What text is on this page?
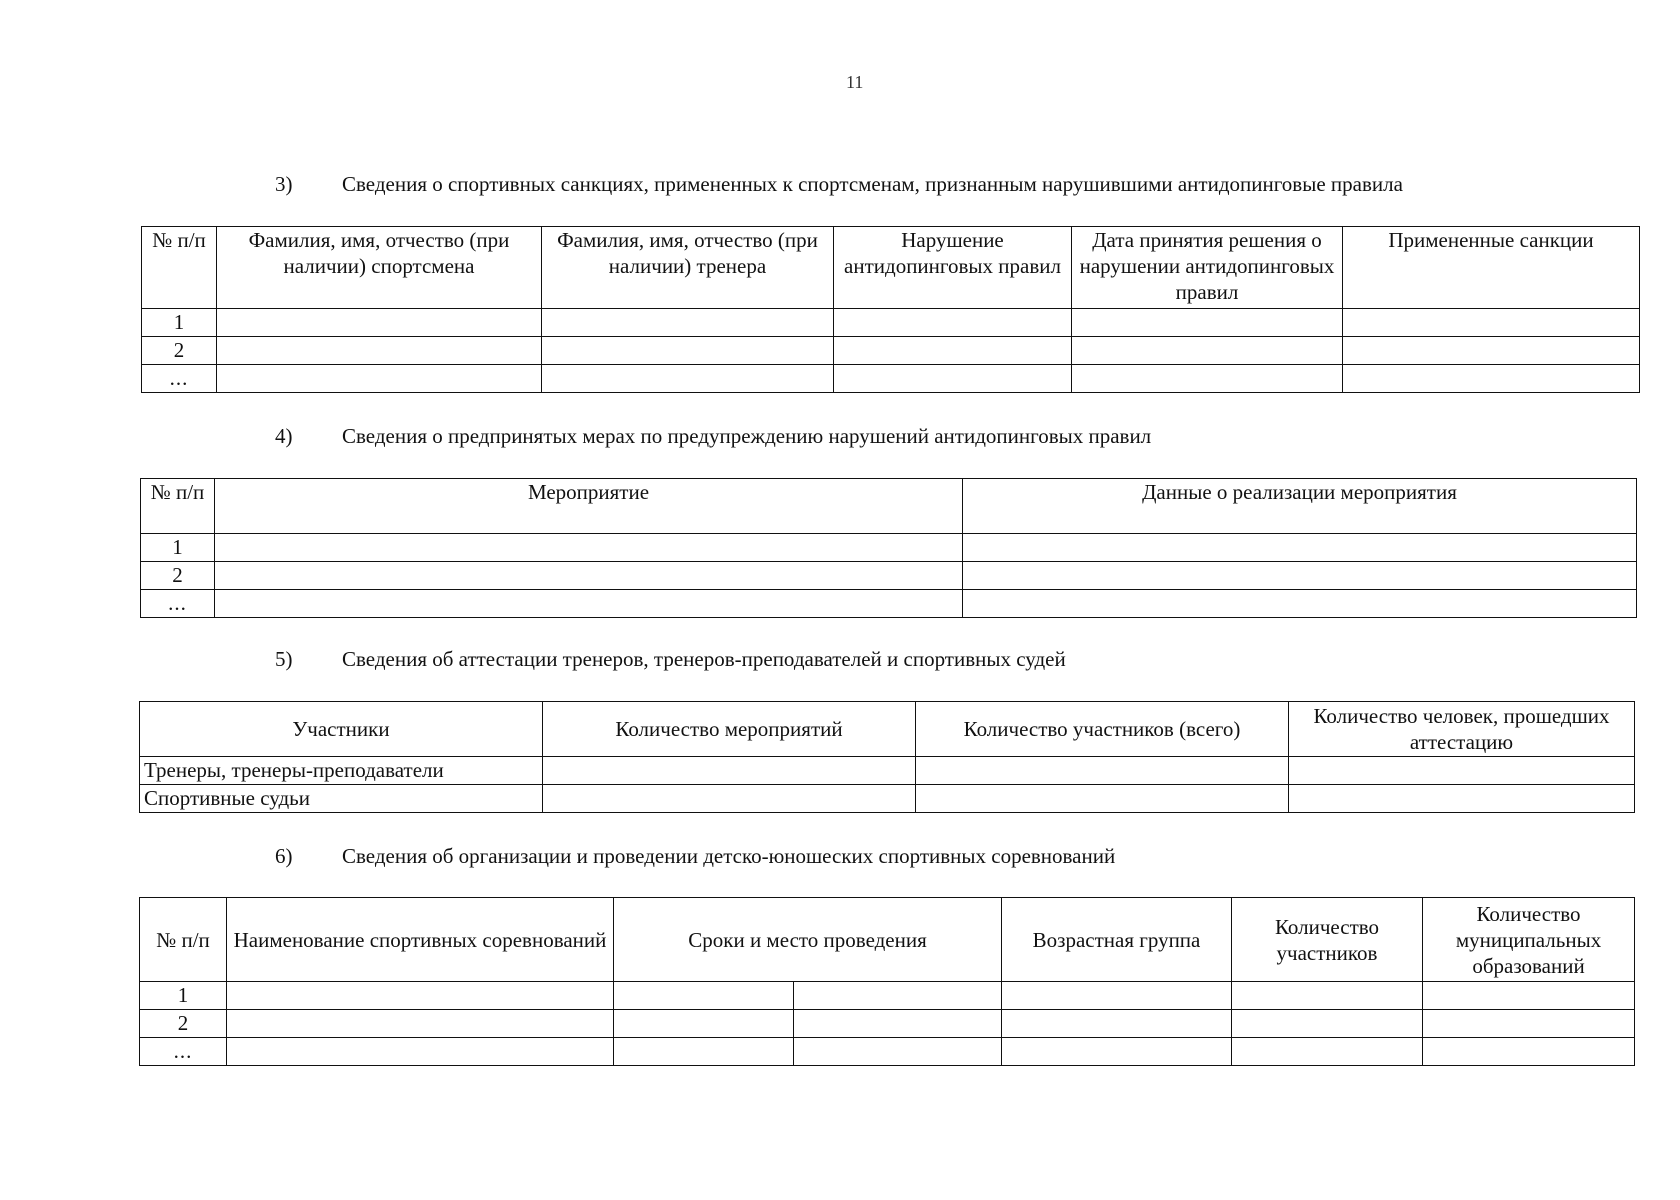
11
3) Сведения о спортивных санкциях, примененных к спортсменам, признанным нарушившими антидопинговые правила
№ п/п	Фамилия, имя, отчество (при наличии) спортсмена	Фамилия, имя, отчество (при наличии) тренера	Нарушение антидопинговых правил	Дата принятия решения о нарушении антидопинговых правил	Примененные санкции
1					
2					
...					
4) Сведения о предпринятых мерах по предупреждению нарушений антидопинговых правил
№ п/п	Мероприятие	Данные о реализации мероприятия
1		
2		
...		
5) Сведения об аттестации тренеров, тренеров-преподавателей и спортивных судей
Участники	Количество мероприятий	Количество участников (всего)	Количество человек, прошедших аттестацию
Тренеры, тренеры-преподаватели			
Спортивные судьи			
6) Сведения об организации и проведении детско-юношеских спортивных соревнований
№ п/п	Наименование спортивных соревнований	Сроки и место проведения		Возрастная группа	Количество участников	Количество муниципальных образований
1						
2						
...						
